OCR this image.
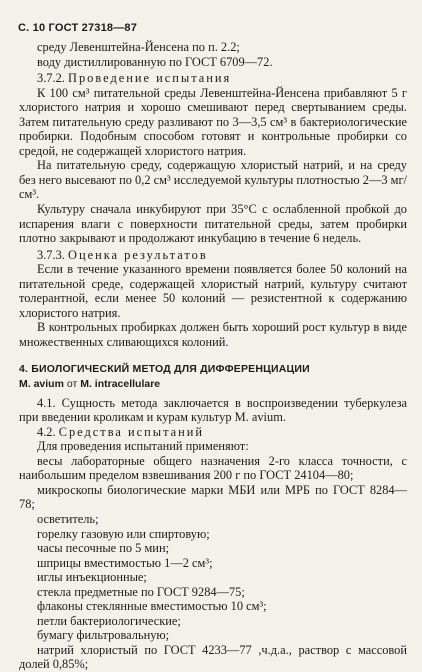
С. 10 ГОСТ 27318—87

среду Левенштейна-Йенсена по п. 2.2;

воду дистиллированную по ГОСТ 6709—72.

3.7.2. Проведение испытания

К 100 см³ питательной среды Левенштейна-Йенсена прибавляют 5 г хлористого натрия и хорошо смешивают перед свертыванием среды. Затем питательную среду разливают по 3—3,5 см³ в бактериологические пробирки. Подобным способом готовят и контрольные пробирки со средой, не содержащей хлористого натрия.

На питательную среду, содержащую хлористый натрий, и на среду без него высевают по 0,2 см³ исследуемой культуры плотностью 2—3 мг/см³.

Культуру сначала инкубируют при 35°С с ослабленной пробкой до испарения влаги с поверхности питательной среды, затем пробирки плотно закрывают и продолжают инкубацию в течение 6 недель.

3.7.3. Оценка результатов

Если в течение указанного времени появляется более 50 колоний на питательной среде, содержащей хлористый натрий, культуру считают толерантной, если менее 50 колоний — резистентной к содержанию хлористого натрия.

В контрольных пробирках должен быть хороший рост культур в виде множественных сливающихся колоний.

4. БИОЛОГИЧЕСКИЙ МЕТОД ДЛЯ ДИФФЕРЕНЦИАЦИИ

M. avium от M. intracellulare

4.1. Сущность метода заключается в воспроизведении туберкулеза при введении кроликам и курам культур M. avium.

4.2. Средства испытаний

Для проведения испытаний применяют:

весы лабораторные общего назначения 2-го класса точности, с наибольшим пределом взвешивания 200 г по ГОСТ 24104—80;

микроскопы биологические марки МБИ или МРБ по ГОСТ 8284—78;

осветитель;

горелку газовую или спиртовую;

часы песочные по 5 мин;

шприцы вместимостью 1—2 см³;

иглы инъекционные;

стекла предметные по ГОСТ 9284—75;

флаконы стеклянные вместимостью 10 см³;

петли бактериологические;

бумагу фильтровальную;

натрий хлористый по ГОСТ 4233—77 ,ч.д.а., раствор с массовой долей 0,85%;
